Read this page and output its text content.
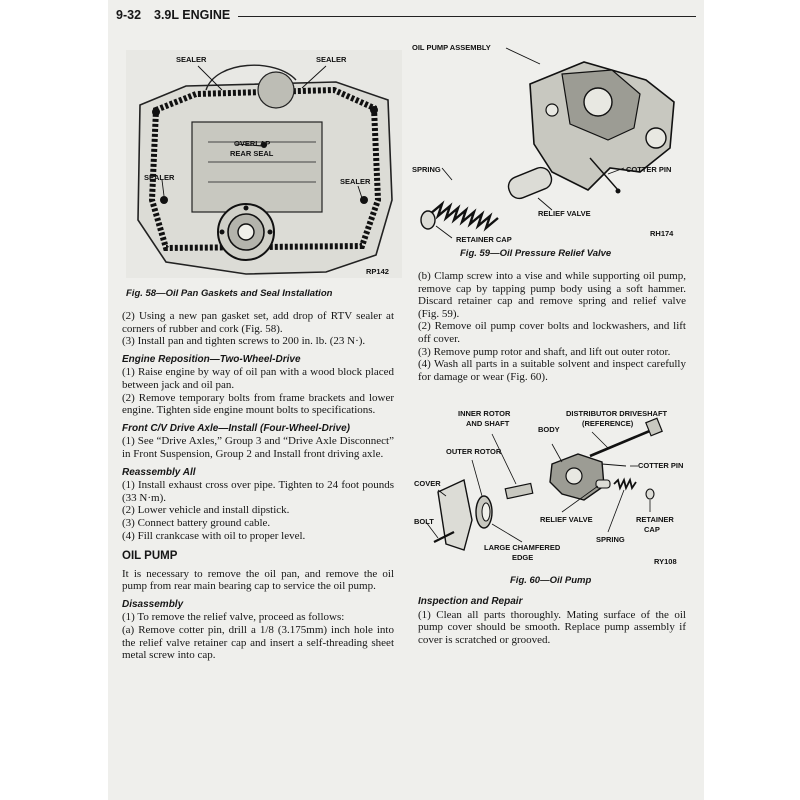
9-32 3.9L ENGINE
SEALER	SEALER
OVERLAP
REAR SEAL
SEALER	SEALER
RP142
Fig. 58—Oil Pan Gaskets and Seal Installation
OIL PUMP ASSEMBLY
SPRING	COTTER PIN
RELIEF VALVE
RETAINER CAP
RH174
Fig. 59—Oil Pressure Relief Valve
INNER ROTOR
AND SHAFT
DISTRIBUTOR DRIVESHAFT
(REFERENCE)
BODY
OUTER ROTOR
COTTER PIN
COVER
BOLT	RELIEF VALVE	RETAINER
CAP
SPRING
LARGE CHAMFERED
EDGE	RY108
Fig. 60—Oil Pump

(2) Using a new pan gasket set, add drop of RTV sealer at corners of rubber and cork (Fig. 58).

(3) Install pan and tighten screws to 200 in. lb. (23 N·).

Engine Reposition—Two-Wheel-Drive

(1) Raise engine by way of oil pan with a wood block placed between jack and oil pan.

(2) Remove temporary bolts from frame brackets and lower engine. Tighten side engine mount bolts to specifications.

Front C/V Drive Axle—Install (Four-Wheel-Drive)

(1) See “Drive Axles,” Group 3 and “Drive Axle Disconnect” in Front Suspension, Group 2 and Install front driving axle.

Reassembly All

(1) Install exhaust cross over pipe. Tighten to 24 foot pounds (33 N·m).

(2) Lower vehicle and install dipstick.

(3) Connect battery ground cable.

(4) Fill crankcase with oil to proper level.

OIL PUMP

It is necessary to remove the oil pan, and remove the oil pump from rear main bearing cap to service the oil pump.

Disassembly

(1) To remove the relief valve, proceed as follows:

(a) Remove cotter pin, drill a 1/8 (3.175mm) inch hole into the relief valve retainer cap and insert a self-threading sheet metal screw into cap.

(b) Clamp screw into a vise and while supporting oil pump, remove cap by tapping pump body using a soft hammer. Discard retainer cap and remove spring and relief valve (Fig. 59).

(2) Remove oil pump cover bolts and lockwashers, and lift off cover.

(3) Remove pump rotor and shaft, and lift out outer rotor.

(4) Wash all parts in a suitable solvent and inspect carefully for damage or wear (Fig. 60).

Inspection and Repair

(1) Clean all parts thoroughly. Mating surface of the oil pump cover should be smooth. Replace pump assembly if cover is scratched or grooved.
